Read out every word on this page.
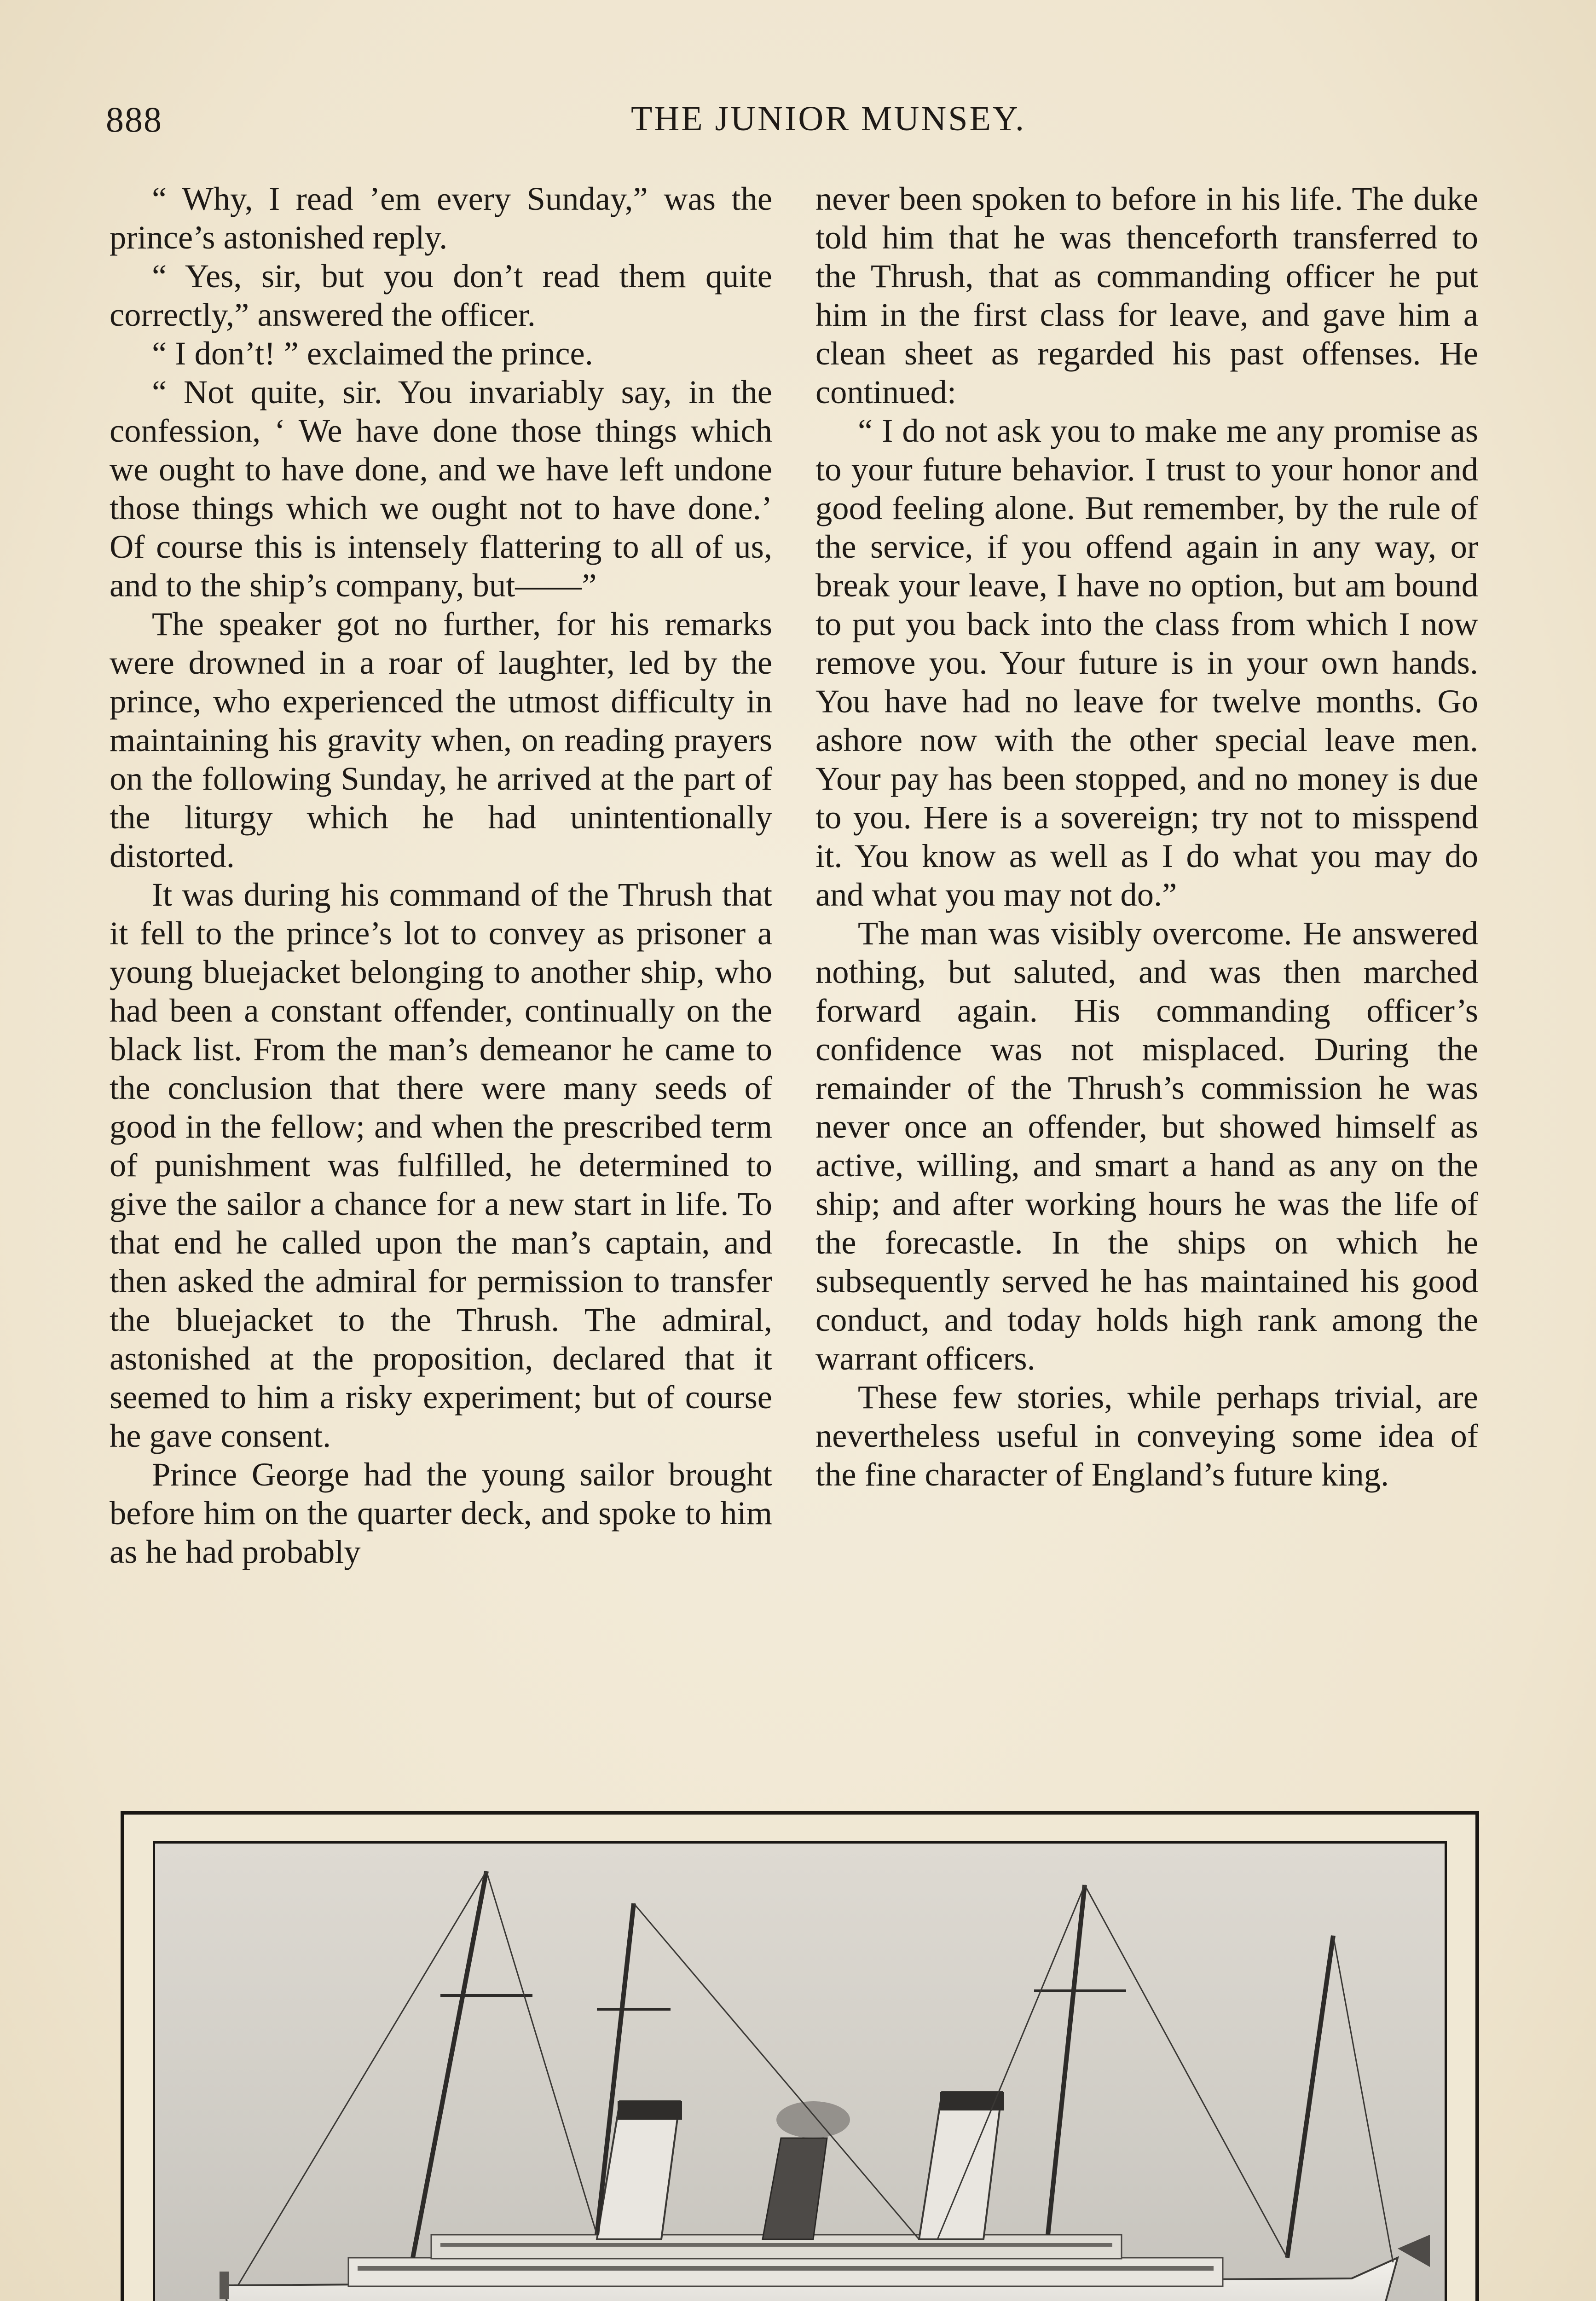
888	THE JUNIOR MUNSEY.

“ Why, I read ’em every Sunday,” was the prince’s astonished reply.

“ Yes, sir, but you don’t read them quite correctly,” answered the officer.

“ I don’t! ” exclaimed the prince.

“ Not quite, sir. You invariably say, in the confession, ‘ We have done those things which we ought to have done, and we have left undone those things which we ought not to have done.’ Of course this is intensely flattering to all of us, and to the ship’s company, but——”

The speaker got no further, for his remarks were drowned in a roar of laughter, led by the prince, who experienced the utmost difficulty in maintaining his gravity when, on reading prayers on the following Sunday, he arrived at the part of the liturgy which he had unintentionally distorted.

It was during his command of the Thrush that it fell to the prince’s lot to convey as prisoner a young bluejacket belonging to another ship, who had been a constant offender, continually on the black list. From the man’s demeanor he came to the conclusion that there were many seeds of good in the fellow; and when the prescribed term of punishment was fulfilled, he determined to give the sailor a chance for a new start in life. To that end he called upon the man’s captain, and then asked the admiral for permission to transfer the bluejacket to the Thrush. The admiral, astonished at the proposition, declared that it seemed to him a risky experiment; but of course he gave consent.

Prince George had the young sailor brought before him on the quarter deck, and spoke to him as he had probably

never been spoken to before in his life. The duke told him that he was thenceforth transferred to the Thrush, that as commanding officer he put him in the first class for leave, and gave him a clean sheet as regarded his past offenses. He continued:

“ I do not ask you to make me any promise as to your future behavior. I trust to your honor and good feeling alone. But remember, by the rule of the service, if you offend again in any way, or break your leave, I have no option, but am bound to put you back into the class from which I now remove you. Your future is in your own hands. You have had no leave for twelve months. Go ashore now with the other special leave men. Your pay has been stopped, and no money is due to you. Here is a sovereign; try not to misspend it. You know as well as I do what you may do and what you may not do.”

The man was visibly overcome. He answered nothing, but saluted, and was then marched forward again. His commanding officer’s confidence was not misplaced. During the remainder of the Thrush’s commission he was never once an offender, but showed himself as active, willing, and smart a hand as any on the ship; and after working hours he was the life of the forecastle. In the ships on which he subsequently served he has maintained his good conduct, and today holds high rank among the warrant officers.

These few stories, while perhaps trivial, are nevertheless useful in conveying some idea of the fine character of England’s future king.
